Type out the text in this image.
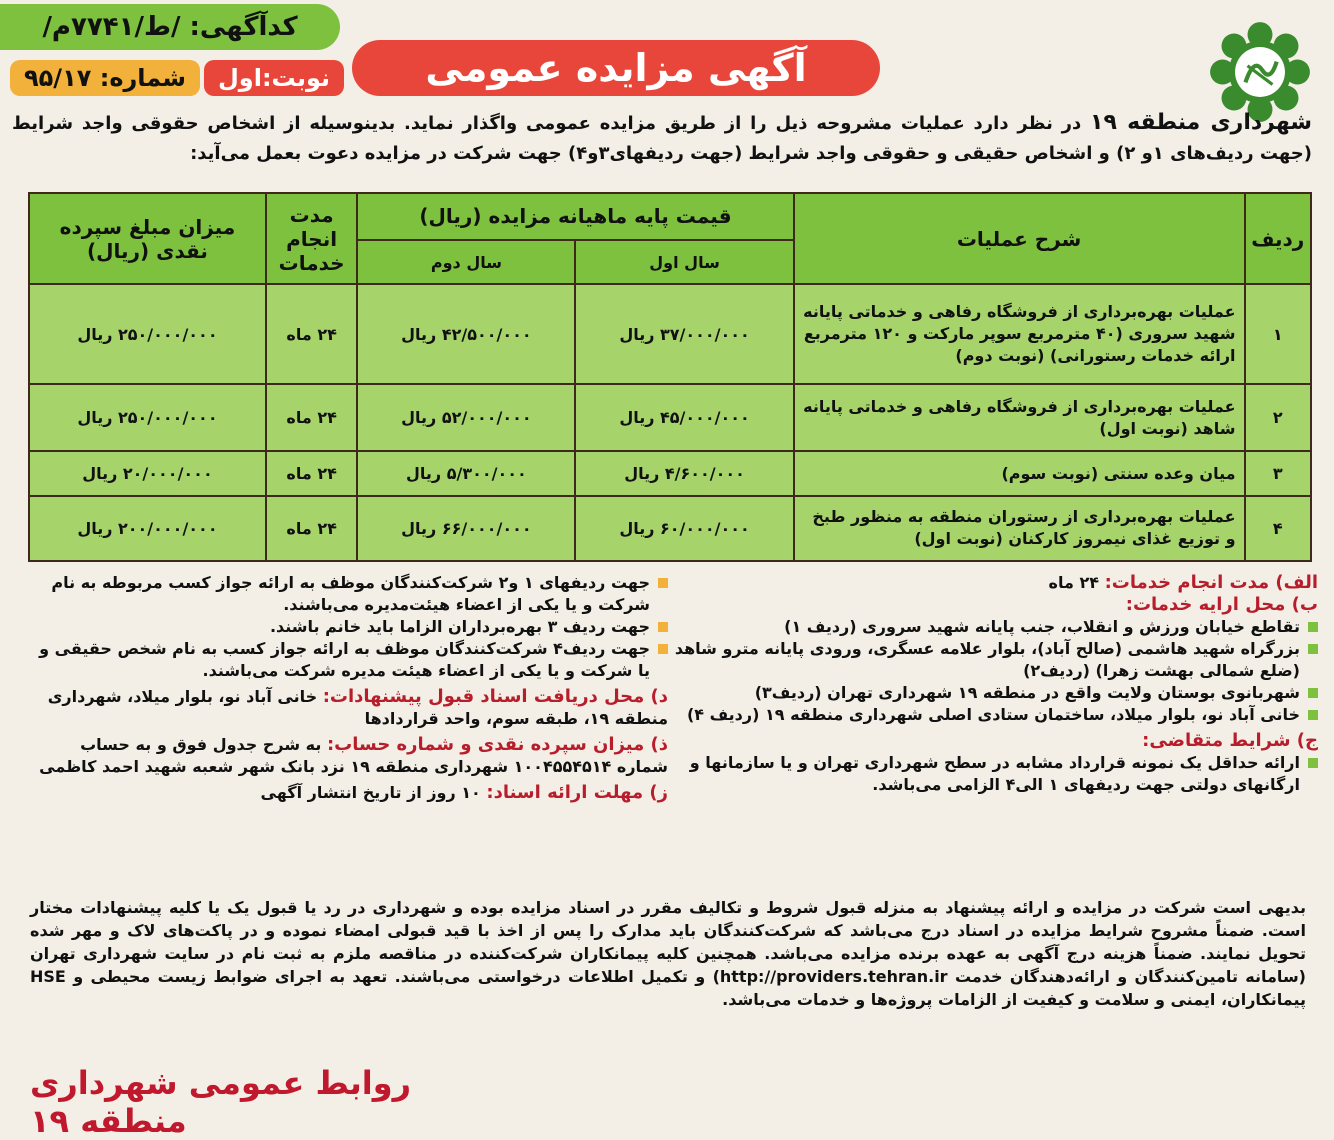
کدآگهی: /ط/۷۷۴۱م/
آگهی مزایده عمومی
نوبت:اول
شماره: ۹۵/۱۷
شهرداری منطقه ۱۹ در نظر دارد عملیات مشروحه ذیل را از طریق مزایده عمومی واگذار نماید. بدینوسیله از اشخاص حقوقی واجد شرایط (جهت ردیف‌های ۱و ۲) و اشخاص حقیقی و حقوقی واجد شرایط (جهت ردیفهای۳و۴) جهت شرکت در مزایده دعوت بعمل می‌آید:
ردیف	شرح عملیات	قیمت پایه ماهیانه مزایده (ریال)		مدت انجام خدمات	میزان مبلغ سپرده نقدی (ریال)
		سال اول	سال دوم		
۱	عملیات بهره‌برداری از فروشگاه رفاهی و خدماتی پایانه شهید سروری (۴۰ مترمربع سوپر مارکت و ۱۲۰ مترمربع ارائه خدمات رستورانی) (نوبت دوم)	۳۷/۰۰۰/۰۰۰ ریال	۴۲/۵۰۰/۰۰۰ ریال	۲۴ ماه	۲۵۰/۰۰۰/۰۰۰ ریال
۲	عملیات بهره‌برداری از فروشگاه رفاهی و خدماتی پایانه شاهد (نوبت اول)	۴۵/۰۰۰/۰۰۰ ریال	۵۲/۰۰۰/۰۰۰ ریال	۲۴ ماه	۲۵۰/۰۰۰/۰۰۰ ریال
۳	میان وعده سنتی (نوبت سوم)	۴/۶۰۰/۰۰۰ ریال	۵/۳۰۰/۰۰۰ ریال	۲۴ ماه	۲۰/۰۰۰/۰۰۰ ریال
۴	عملیات بهره‌برداری از رستوران منطقه به منظور طبخ و توزیع غذای نیمروز کارکنان (نوبت اول)	۶۰/۰۰۰/۰۰۰ ریال	۶۶/۰۰۰/۰۰۰ ریال	۲۴ ماه	۲۰۰/۰۰۰/۰۰۰ ریال
الف) مدت انجام خدمات: ۲۴ ماه
ب) محل ارایه خدمات:
تقاطع خیابان ورزش و انقلاب، جنب پایانه شهید سروری (ردیف ۱)
بزرگراه شهید هاشمی (صالح آباد)، بلوار علامه عسگری، ورودی پایانه مترو شاهد (ضلع شمالی بهشت زهرا) (ردیف۲)
شهربانوی بوستان ولایت واقع در منطقه ۱۹ شهرداری تهران (ردیف۳)
خانی آباد نو، بلوار میلاد، ساختمان ستادی اصلی شهرداری منطقه ۱۹ (ردیف ۴)
ج) شرایط متقاضی:
ارائه حداقل یک نمونه قرارداد مشابه در سطح شهرداری تهران و یا سازمانها و ارگانهای دولتی جهت ردیفهای ۱ الی۴ الزامی می‌باشد.
جهت ردیفهای ۱ و۲ شرکت‌کنندگان موظف به ارائه جواز کسب مربوطه به نام شرکت و یا یکی از اعضاء هیئت‌مدیره می‌باشند.
جهت ردیف ۳ بهره‌برداران الزاما باید خانم باشند.
جهت ردیف۴ شرکت‌کنندگان موظف به ارائه جواز کسب به نام شخص حقیقی و یا شرکت و یا یکی از اعضاء هیئت مدیره شرکت می‌باشند.
د) محل دریافت اسناد قبول پیشنهادات: خانی آباد نو، بلوار میلاد، شهرداری منطقه ۱۹، طبقه سوم، واحد قراردادها
ذ) میزان سپرده نقدی و شماره حساب: به شرح جدول فوق و به حساب شماره ۱۰۰۴۵۵۴۵۱۴ شهرداری منطقه ۱۹ نزد بانک شهر شعبه شهید احمد کاظمی
ز) مهلت ارائه اسناد: ۱۰ روز از تاریخ انتشار آگهی
بدیهی است شرکت در مزایده و ارائه پیشنهاد به منزله قبول شروط و تکالیف مقرر در اسناد مزایده بوده و شهرداری در رد یا قبول یک یا کلیه پیشنهادات مختار است. ضمناً مشروح شرایط مزایده در اسناد درج می‌باشد که شرکت‌کنندگان باید مدارک را پس از اخذ با قید قبولی امضاء نموده و در پاکت‌های لاک و مهر شده تحویل نمایند. ضمناً هزینه درج آگهی به عهده برنده مزایده می‌باشد. همچنین کلیه پیمانکاران شرکت‌کننده در مناقصه ملزم به ثبت نام در سایت شهرداری تهران (سامانه تامین‌کنندگان و ارائه‌دهندگان خدمت http://providers.tehran.ir) و تکمیل اطلاعات درخواستی می‌باشند. تعهد به اجرای ضوابط زیست محیطی و HSE پیمانکاران، ایمنی و سلامت و کیفیت از الزامات پروژه‌ها و خدمات می‌باشد.
روابط عمومی شهرداری منطقه ۱۹
